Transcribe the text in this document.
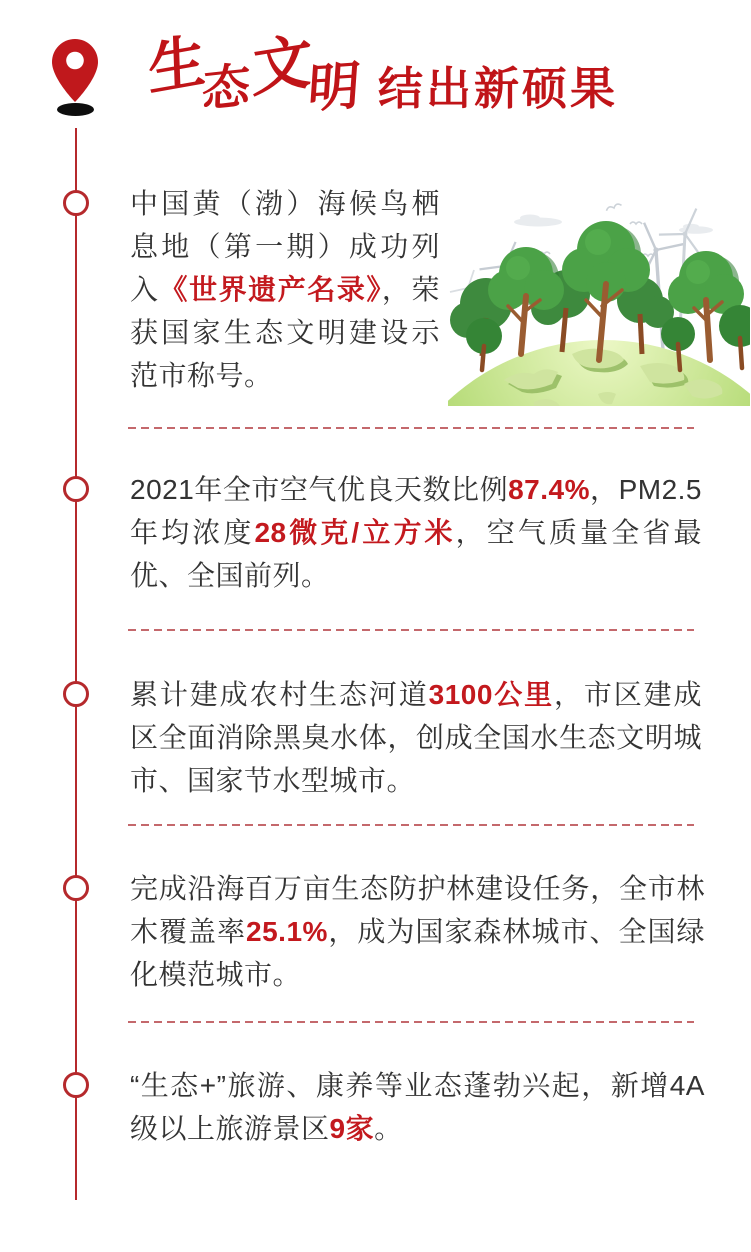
生
态 文
明 结出新硕果

中国黄（渤）海候鸟栖息地（第一期）成功列入《世界遗产名录》，荣获国家生态文明建设示范市称号。

2021年全市空气优良天数比例87.4%，PM2.5年均浓度28微克/立方米，空气质量全省最优、全国前列。

累计建成农村生态河道3100公里，市区建成区全面消除黑臭水体，创成全国水生态文明城市、国家节水型城市。

完成沿海百万亩生态防护林建设任务，全市林木覆盖率25.1%，成为国家森林城市、全国绿化模范城市。

“生态+”旅游、康养等业态蓬勃兴起，新增4A级以上旅游景区9家。
